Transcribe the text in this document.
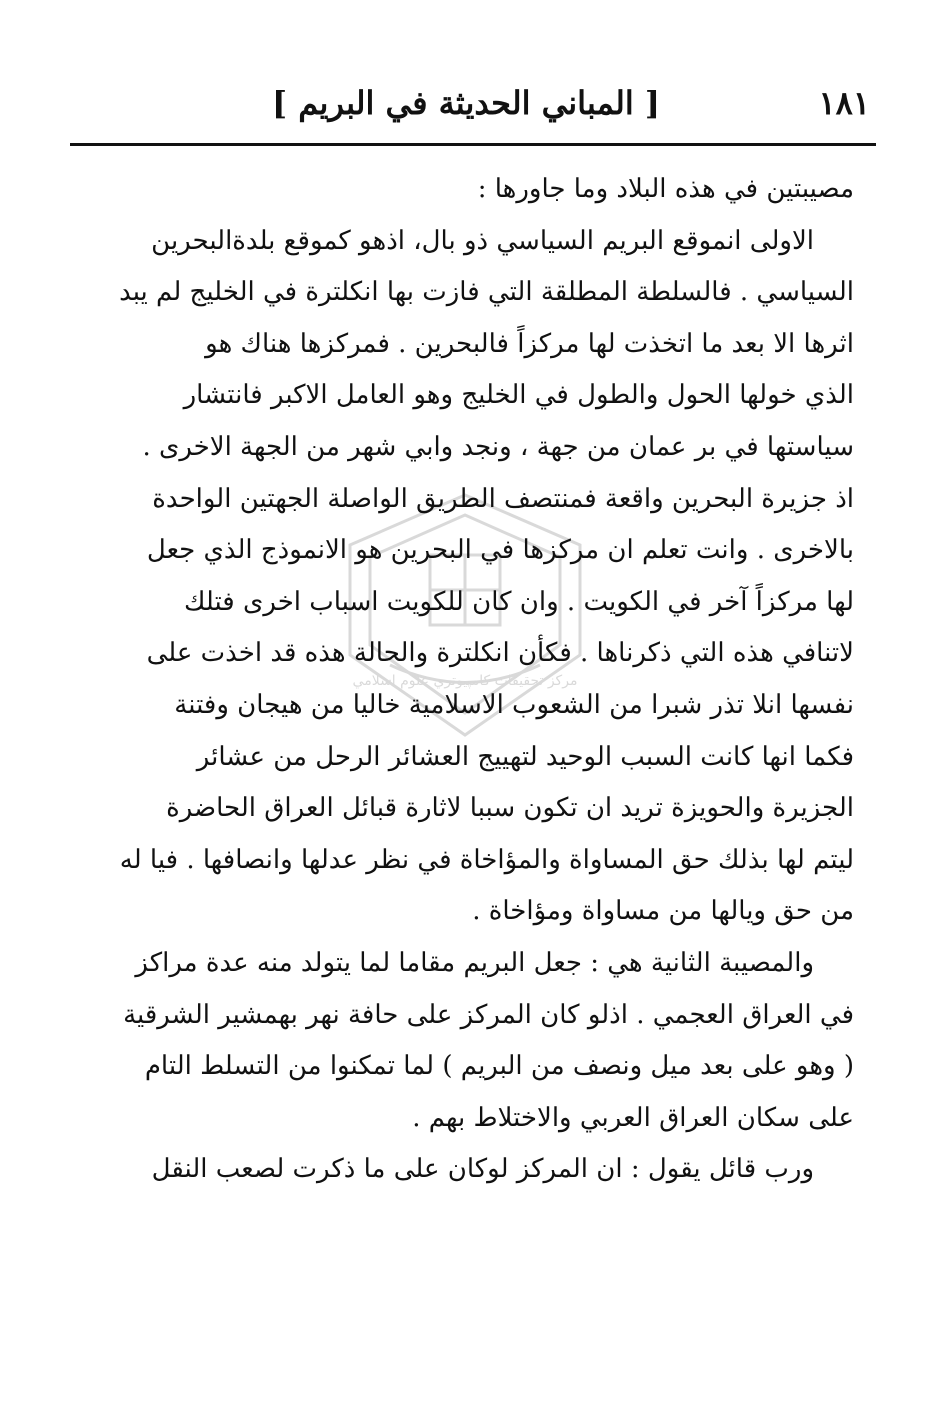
[ المباني الحديثة في البريم ]	١٨١
مركز تحقيقات كامپيوتري علوم اسلامي
مصيبتين في هذه البلاد وما جاورها :
الاولى انموقع البريم السياسي ذو بال، اذهو كموقع بلدةالبحرين
السياسي . فالسلطة المطلقة التي فازت بها انكلترة في الخليج لم يبد
اثرها الا بعد ما اتخذت لها مركزاً فالبحرين . فمركزها هناك هو
الذي خولها الحول والطول في الخليج وهو العامل الاكبر فانتشار
سياستها في بر عمان من جهة ، ونجد وابي شهر من الجهة الاخرى .
اذ جزيرة البحرين واقعة فمنتصف الطريق الواصلة الجهتين الواحدة
بالاخرى . وانت تعلم ان مركزها في البحرين هو الانموذج الذي جعل
لها مركزاً آخر في الكويت . وان كان للكويت اسباب اخرى فتلك
لاتنافي هذه التي ذكرناها . فكأن انكلترة والحالة هذه قد اخذت على
نفسها انلا تذر شبرا من الشعوب الاسلامية خاليا من هيجان وفتنة
فكما انها كانت السبب الوحيد لتهييج العشائر الرحل من عشائر
الجزيرة والحويزة تريد ان تكون سببا لاثارة قبائل العراق الحاضرة
ليتم لها بذلك حق المساواة والمؤاخاة في نظر عدلها وانصافها . فيا له
من حق ويالها من مساواة ومؤاخاة .
والمصيبة الثانية هي : جعل البريم مقاما لما يتولد منه عدة مراكز
في العراق العجمي . اذلو كان المركز على حافة نهر بهمشير الشرقية
( وهو على بعد ميل ونصف من البريم ) لما تمكنوا من التسلط التام
على سكان العراق العربي والاختلاط بهم .
ورب قائل يقول : ان المركز لوكان على ما ذكرت لصعب النقل
